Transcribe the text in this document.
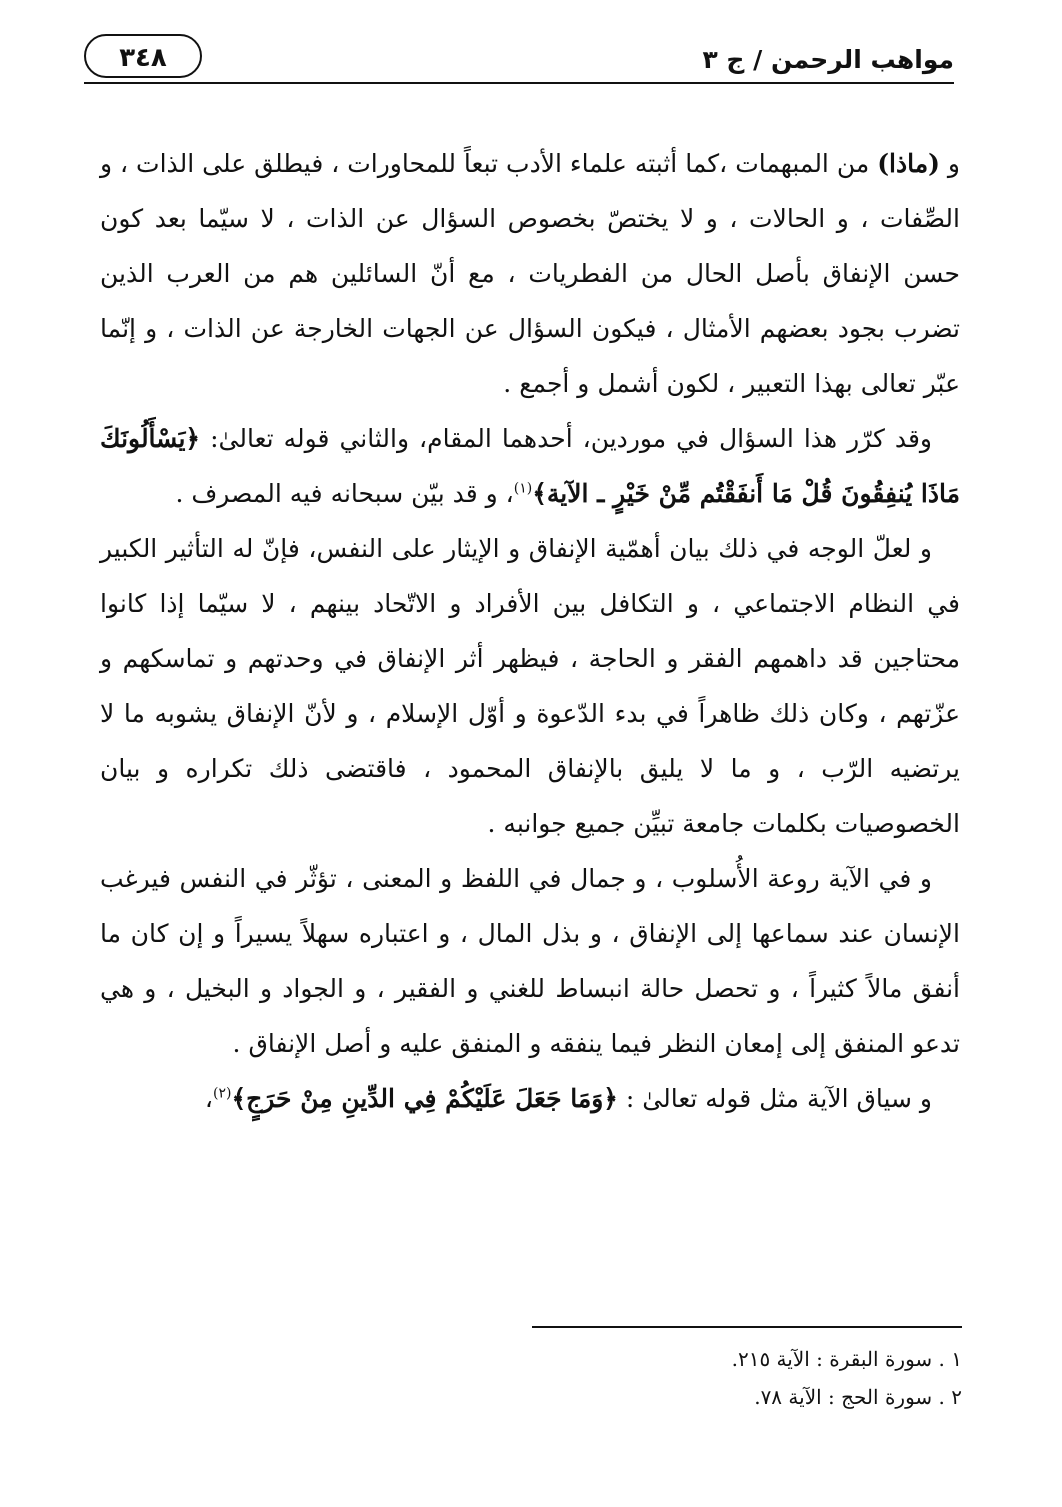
مواهب الرحمن / ج ٣
٣٤٨

و (ماذا) من المبهمات ،كما أثبته علماء الأدب تبعاً للمحاورات ، فيطلق على الذات ، و الصِّفات ، و الحالات ، و لا يختصّ بخصوص السؤال عن الذات ، لا سيّما بعد كون حسن الإنفاق بأصل الحال من الفطريات ، مع أنّ السائلين هم من العرب الذين تضرب بجود بعضهم الأمثال ، فيكون السؤال عن الجهات الخارجة عن الذات ، و إنّما عبّر تعالى بهذا التعبير ، لكون أشمل و أجمع .

وقد كرّر هذا السؤال في موردين، أحدهما المقام، والثاني قوله تعالىٰ: ﴿يَسْأَلُونَكَ مَاذَا يُنفِقُونَ قُلْ مَا أَنفَقْتُم مِّنْ خَيْرٍ ـ الآية﴾$^{(١)}$، و قد بيّن سبحانه فيه المصرف .

و لعلّ الوجه في ذلك بيان أهمّية الإنفاق و الإيثار على النفس، فإنّ له التأثير الكبير في النظام الاجتماعي ، و التكافل بين الأفراد و الاتّحاد بينهم ، لا سيّما إذا كانوا محتاجين قد داهمهم الفقر و الحاجة ، فيظهر أثر الإنفاق في وحدتهم و تماسكهم و عزّتهم ، وكان ذلك ظاهراً في بدء الدّعوة و أوّل الإسلام ، و لأنّ الإنفاق يشوبه ما لا يرتضيه الرّب ، و ما لا يليق بالإنفاق المحمود ، فاقتضى ذلك تكراره و بيان الخصوصيات بكلمات جامعة تبيِّن جميع جوانبه .

و في الآية روعة الأُسلوب ، و جمال في اللفظ و المعنى ، تؤثّر في النفس فيرغب الإنسان عند سماعها إلى الإنفاق ، و بذل المال ، و اعتباره سهلاً يسيراً و إن كان ما أنفق مالاً كثيراً ، و تحصل حالة انبساط للغني و الفقير ، و الجواد و البخيل ، و هي تدعو المنفق إلى إمعان النظر فيما ينفقه و المنفق عليه و أصل الإنفاق .

و سياق الآية مثل قوله تعالىٰ : ﴿وَمَا جَعَلَ عَلَيْكُمْ فِي الدِّينِ مِنْ حَرَجٍ﴾$^{(٢)}$،

١ . سورة البقرة : الآية ٢١٥.
٢ . سورة الحج : الآية ٧٨.
